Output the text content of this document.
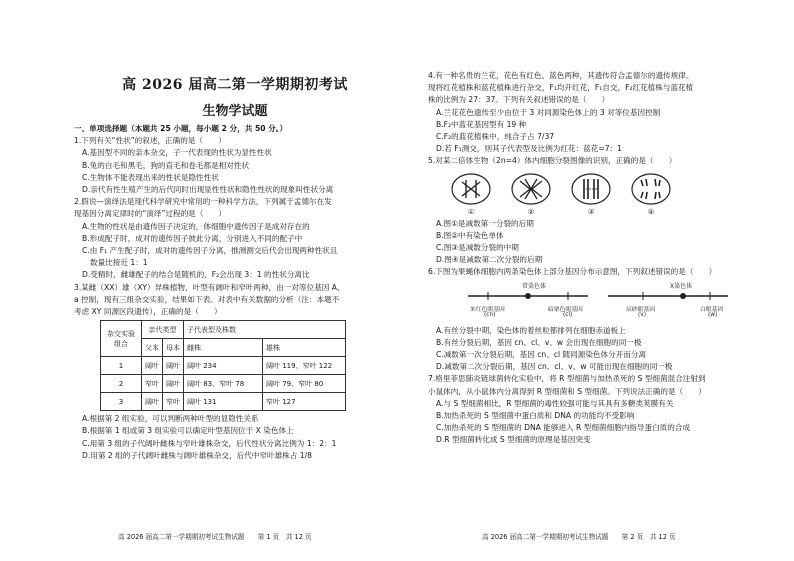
高 2026 届高二第一学期期初考试
生物学试题
一、单项选择题（本题共 25 小题，每小题 2 分，共 50 分。）
1.下列有关“性状”的叙述，正确的是（　　）
A.基因型不同的亲本杂交，子一代表现的性状为显性性状
B.兔的白毛和黑毛，狗的直毛和卷毛都是相对性状
C.生物体不能表现出来的性状是隐性性状
D.亲代有性生殖产生的后代同时出现显性性状和隐性性状的现象叫性状分离
2.假说—演绎法是现代科学研究中常用的一种科学方法，下列属于孟德尔在发
现基因分离定律时的“演绎”过程的是（　　）
A.生物的性状是由遗传因子决定的，体细胞中遗传因子是成对存在的
B.形成配子时，成对的遗传因子彼此分离，分别进入不同的配子中
C.由 F₁ 产生配子时，成对的遗传因子分离，推测测交后代会出现两种性状且
数量比接近 1：1
D.受精时，雌雄配子的结合是随机的，F₂会出现 3：1 的性状分离比
3.某雌（XX）雄（XY）异株植物，叶型有阔叶和窄叶两种，由一对等位基因 A、
a 控制，现有三组杂交实验，结果如下表。对表中有关数据的分析（注：本题不
考虑 XY 同源区段遗传），正确的是（　　）
杂交实验组合	亲代类型		子代表型及株数	
	父本	母本	雌株	雄株
1	阔叶	阔叶	阔叶 234	阔叶 119、窄叶 122
2	窄叶	阔叶	阔叶 83、窄叶 78	阔叶 79、窄叶 80
3	阔叶	窄叶	阔叶 131	窄叶 127
A.根据第 2 组实验，可以判断两种叶型的显隐性关系
B.根据第 1 组或第 3 组实验可以确定叶型基因位于 X 染色体上
C.用第 3 组的子代阔叶雌株与窄叶雄株杂交，后代性状分离比例为 1：2：1
D.用第 2 组的子代阔叶雌株与阔叶雄株杂交，后代中窄叶雄株占 1/8
高 2026 届高二第一学期期初考试生物试题　　第 1 页　共 12 页
4.有一种名贵的兰花，花色有红色、蓝色两种，其遗传符合孟德尔的遗传规律。
现将红花植株和蓝花植株进行杂交，F₁均开红花，F₁自交，F₂红花植株与蓝花植
株的比例为 27：37。下列有关叙述错误的是（　　）
A.兰花花色遗传至少由位于 3 对同源染色体上的 3 对等位基因控制
B.F₂中蓝花基因型有 19 种
C.F₂的蓝花植株中，纯合子占 7/37
D.若 F₁测交，则其子代表型及比例为红花：蓝花=7：1
5.对某二倍体生物（2n=4）体内细胞分裂图像的识别，正确的是（　　）
①	②	③	④
A.图①是减数第一分裂的后期
B.图②中有染色单体
C.图③是减数分裂的中期
D.图④是减数第二次分裂的后期
6.下图为果蝇体细胞内两条染色体上部分基因分布示意图，下列叙述错误的是（　　）
常染色体	X染色体
朱红色眼基因	暗栗色眼基因	辰砂眼基因	白眼基因
(cn)	(cl)	(v)	(w)
A.有丝分裂中期，染色体的着丝粒都排列在细胞赤道板上
B.有丝分裂后期，基因 cn、cl、v、w 会出现在细胞的同一极
C.减数第一次分裂后期，基因 cn、cl 随同源染色体分开而分离
D.减数第二次分裂后期，基因 cn、cl、v、w 可能出现在细胞的同一极
7.格里菲思肺炎链球菌转化实验中，将 R 型细菌与加热杀死的 S 型细菌混合注射到
小鼠体内，从小鼠体内分离得到 R 型细菌和 S 型细菌。下列说法正确的是（　　）
A.与 S 型细菌相比，R 型细菌的毒性较强可能与其具有多糖类荚膜有关
B.加热杀死的 S 型细菌中蛋白质和 DNA 的功能均不受影响
C.加热杀死的 S 型细菌的 DNA 能够进入 R 型细菌细胞内指导蛋白质的合成
D.R 型细菌转化成 S 型细菌的原理是基因突变
高 2026 届高二第一学期期初考试生物试题　　第 2 页　共 12 页
